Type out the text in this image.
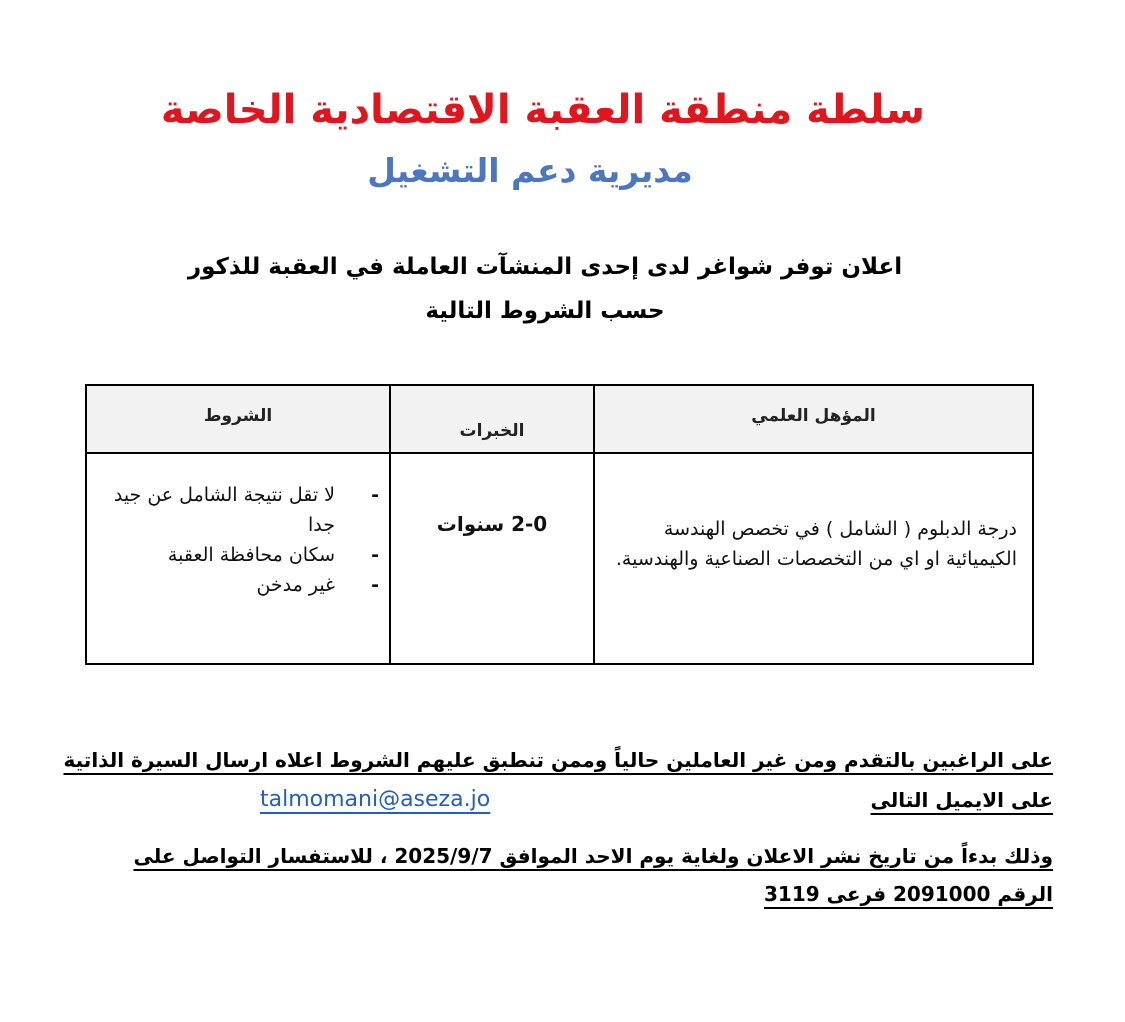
سلطة منطقة العقبة الاقتصادية الخاصة
مديرية دعم التشغيل
اعلان توفر شواغر لدى إحدى المنشآت العاملة في العقبة للذكور
حسب الشروط التالية
المؤهل العلمي
الخبرات
الشروط
درجة الدبلوم ( الشامل ) في تخصص الهندسة الكيميائية او اي من التخصصات الصناعية والهندسية.
2-0 سنوات
-
لا تقل نتيجة الشامل عن جيد جدا
-
سكان محافظة العقبة
-
غير مدخن
على الراغبين بالتقدم ومن غير العاملين حالياً وممن تنطبق عليهم الشروط اعلاه ارسال السيرة الذاتية
على الايميل التالى
talmomani@aseza.jo
وذلك بدءاً من تاريخ نشر الاعلان ولغاية يوم الاحد الموافق 2025/9/7 ، للاستفسار التواصل على
الرقم 2091000 فرعى 3119
